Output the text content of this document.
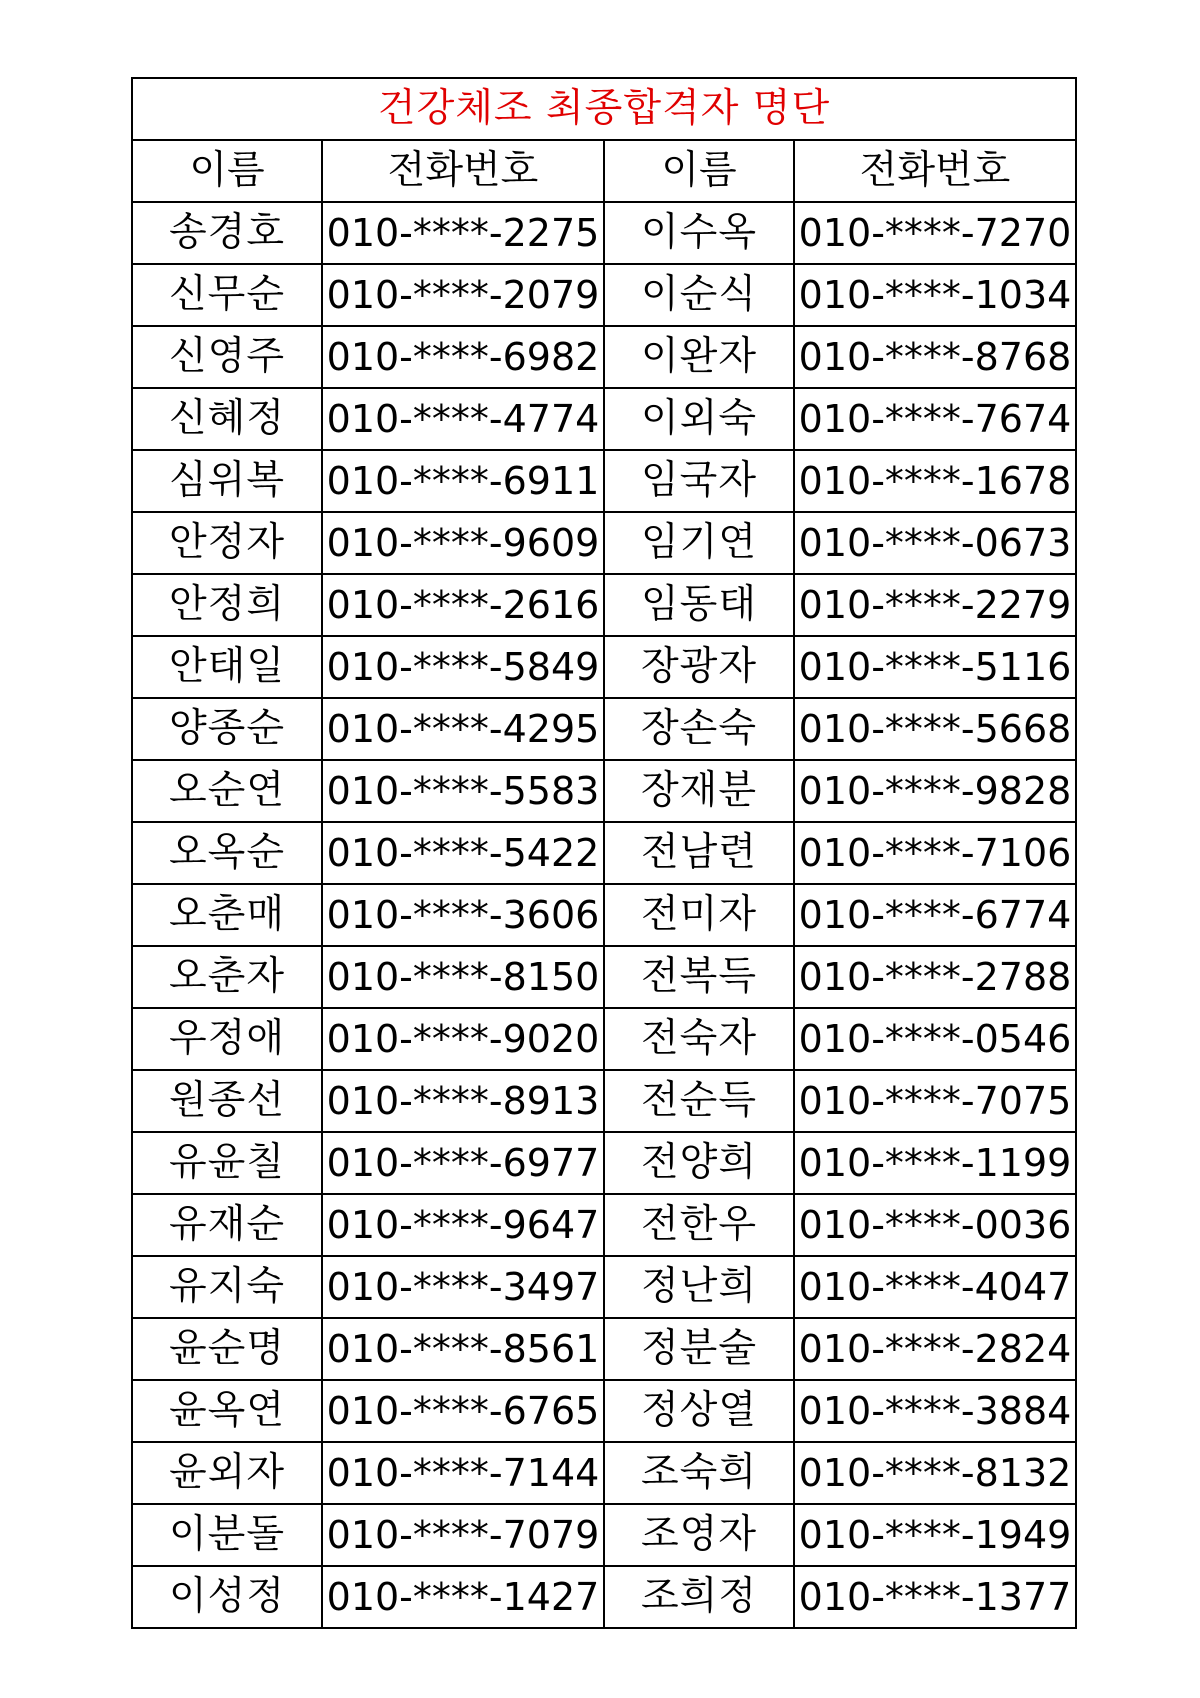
건강체조 최종합격자 명단			
이름	전화번호	이름	전화번호
송경호	010-****-2275	이수옥	010-****-7270
신무순	010-****-2079	이순식	010-****-1034
신영주	010-****-6982	이완자	010-****-8768
신혜정	010-****-4774	이외숙	010-****-7674
심위복	010-****-6911	임국자	010-****-1678
안정자	010-****-9609	임기연	010-****-0673
안정희	010-****-2616	임동태	010-****-2279
안태일	010-****-5849	장광자	010-****-5116
양종순	010-****-4295	장손숙	010-****-5668
오순연	010-****-5583	장재분	010-****-9828
오옥순	010-****-5422	전남련	010-****-7106
오춘매	010-****-3606	전미자	010-****-6774
오춘자	010-****-8150	전복득	010-****-2788
우정애	010-****-9020	전숙자	010-****-0546
원종선	010-****-8913	전순득	010-****-7075
유윤칠	010-****-6977	전양희	010-****-1199
유재순	010-****-9647	전한우	010-****-0036
유지숙	010-****-3497	정난희	010-****-4047
윤순명	010-****-8561	정분술	010-****-2824
윤옥연	010-****-6765	정상열	010-****-3884
윤외자	010-****-7144	조숙희	010-****-8132
이분돌	010-****-7079	조영자	010-****-1949
이성정	010-****-1427	조희정	010-****-1377
